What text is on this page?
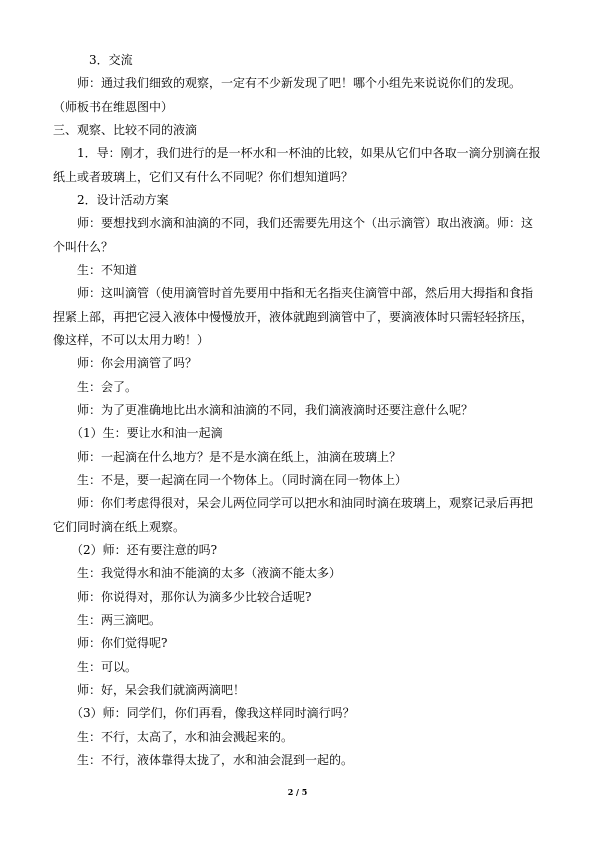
3．交流
师：通过我们细致的观察，一定有不少新发现了吧！哪个小组先来说说你们的发现。
（师板书在维恩图中）
三、观察、比较不同的液滴
1．导：刚才，我们进行的是一杯水和一杯油的比较，如果从它们中各取一滴分别滴在报
纸上或者玻璃上，它们又有什么不同呢？你们想知道吗？
2．设计活动方案
师：要想找到水滴和油滴的不同，我们还需要先用这个（出示滴管）取出液滴。师：这
个叫什么？
生：不知道
师：这叫滴管（使用滴管时首先要用中指和无名指夹住滴管中部，然后用大拇指和食指
捏紧上部，再把它浸入液体中慢慢放开，液体就跑到滴管中了，要滴液体时只需轻轻挤压，
像这样，不可以太用力哟！）
师：你会用滴管了吗？
生：会了。
师：为了更准确地比出水滴和油滴的不同，我们滴液滴时还要注意什么呢？
（1）生：要让水和油一起滴
师：一起滴在什么地方？是不是水滴在纸上，油滴在玻璃上？
生：不是，要一起滴在同一个物体上。（同时滴在同一物体上）
师：你们考虑得很对，呆会儿两位同学可以把水和油同时滴在玻璃上，观察记录后再把
它们同时滴在纸上观察。
（2）师：还有要注意的吗?
生：我觉得水和油不能滴的太多（液滴不能太多）
师：你说得对，那你认为滴多少比较合适呢?
生：两三滴吧。
师：你们觉得呢?
生：可以。
师：好，呆会我们就滴两滴吧！
（3）师：同学们，你们再看，像我这样同时滴行吗？
生：不行，太高了，水和油会溅起来的。
生：不行，液体靠得太拢了，水和油会混到一起的。
2 / 5
